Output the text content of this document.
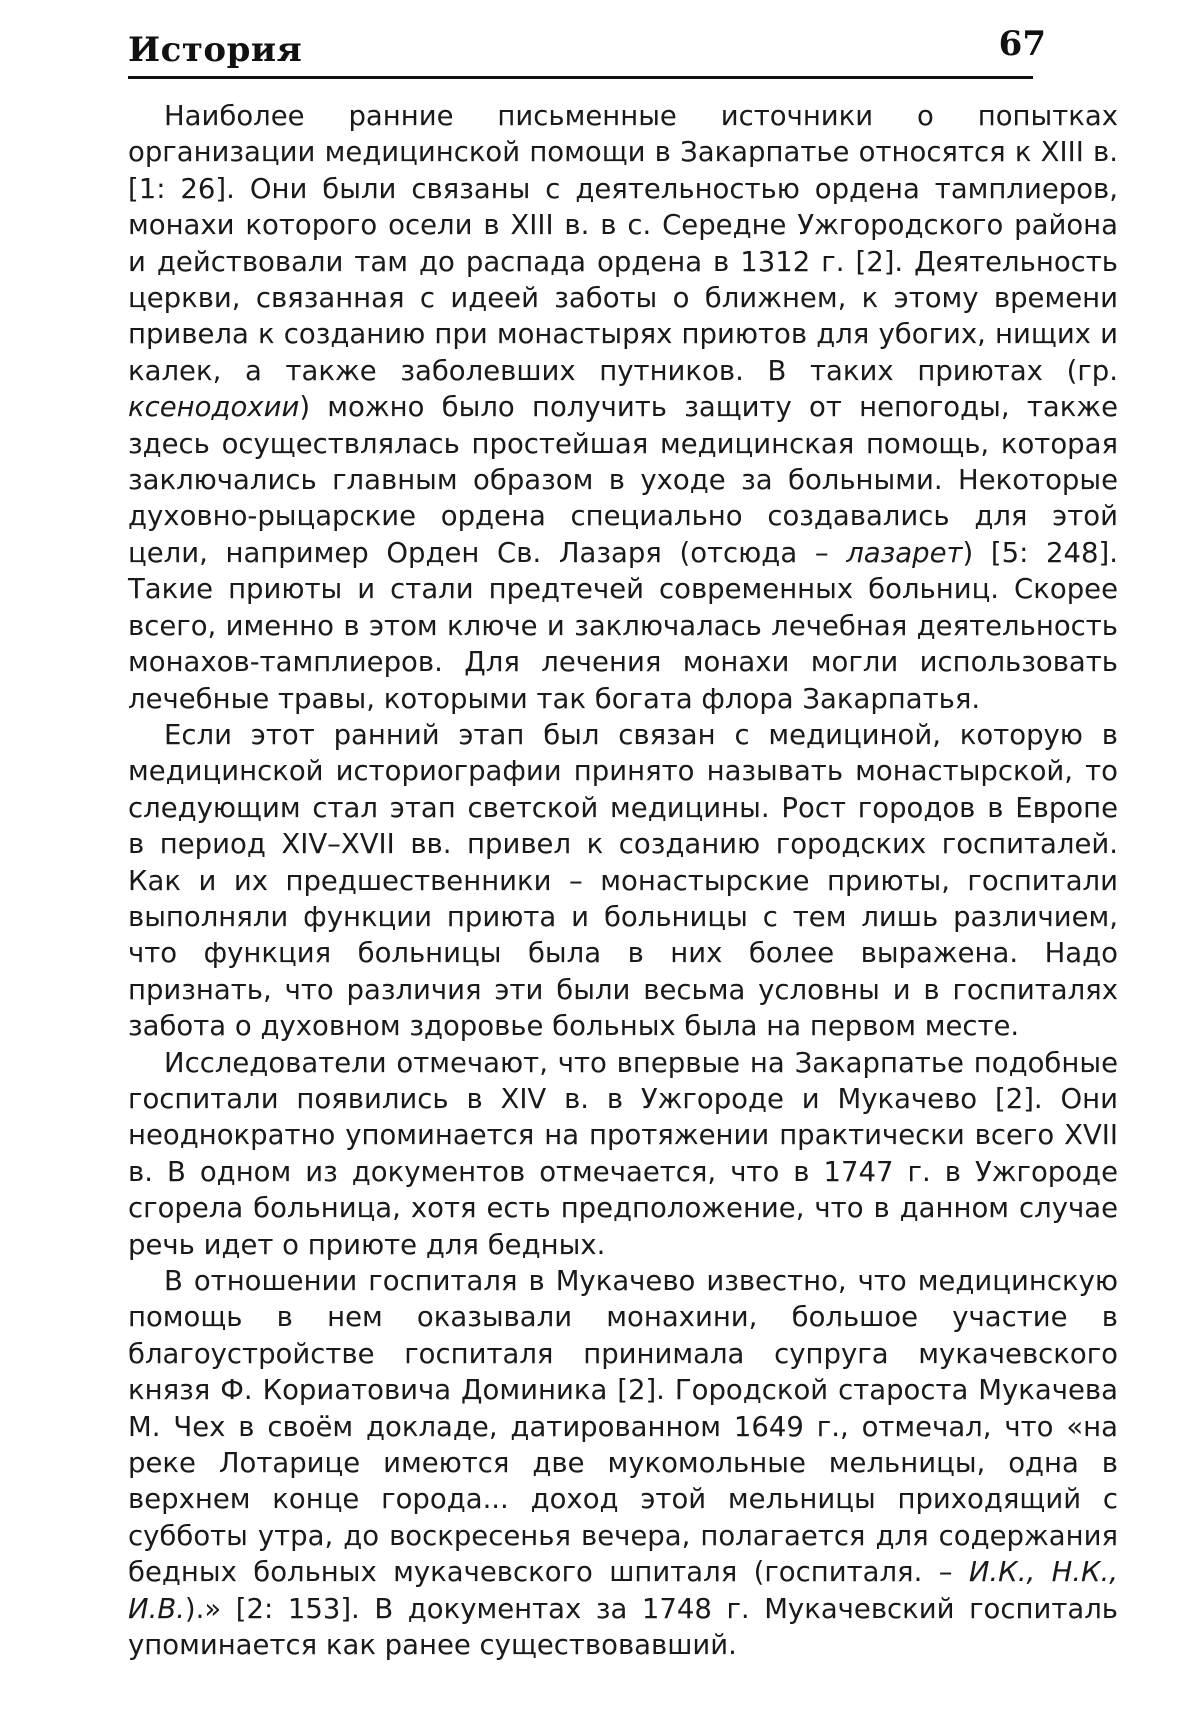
История	67

Наиболее ранние письменные источники о попытках организации медицинской помощи в Закарпатье относятся к XIII в. [1: 26]. Они были связаны с деятельностью ордена тамплиеров, монахи которого осели в XIII в. в с. Середне Ужгородского района и действовали там до распада ордена в 1312 г. [2]. Деятельность церкви, связанная с идеей заботы о ближнем, к этому времени привела к созданию при монастырях приютов для убогих, нищих и калек, а также заболевших путников. В таких приютах (гр. ксенодохии) можно было получить защиту от непогоды, также здесь осуществлялась простейшая медицинская помощь, которая заключались главным образом в уходе за больными. Некоторые духовно-рыцарские ордена специально создавались для этой цели, например Орден Св. Лазаря (отсюда – лазарет) [5: 248]. Такие приюты и стали предтечей современных больниц. Скорее всего, именно в этом ключе и заключалась лечебная деятельность монахов-тамплиеров. Для лечения монахи могли использовать лечебные травы, которыми так богата флора Закарпатья.

Если этот ранний этап был связан с медициной, которую в медицинской историографии принято называть монастырской, то следующим стал этап светской медицины. Рост городов в Европе в период XIV–XVII вв. привел к созданию городских госпиталей. Как и их предшественники – монастырские приюты, госпитали выполняли функции приюта и больницы с тем лишь различием, что функция больницы была в них более выражена. Надо признать, что различия эти были весьма условны и в госпиталях забота о духовном здоровье больных была на первом месте.

Исследователи отмечают, что впервые на Закарпатье подобные госпитали появились в XIV в. в Ужгороде и Мукачево [2]. Они неоднократно упоминается на протяжении практически всего XVII в. В одном из документов отмечается, что в 1747 г. в Ужгороде сгорела больница, хотя есть предположение, что в данном случае речь идет о приюте для бедных.

В отношении госпиталя в Мукачево известно, что медицинскую помощь в нем оказывали монахини, большое участие в благоустройстве госпиталя принимала супруга мукачевского князя Ф. Кориатовича Доминика [2]. Городской староста Мукачева М. Чех в своём докладе, датированном 1649 г., отмечал, что «на реке Лотарице имеются две мукомольные мельницы, одна в верхнем конце города... доход этой мельницы приходящий с субботы утра, до воскресенья вечера, полагается для содержания бедных больных мукачевского шпиталя (госпиталя. – И.К., Н.К., И.В.).» [2: 153]. В документах за 1748 г. Мукачевский госпиталь упоминается как ранее существовавший.
